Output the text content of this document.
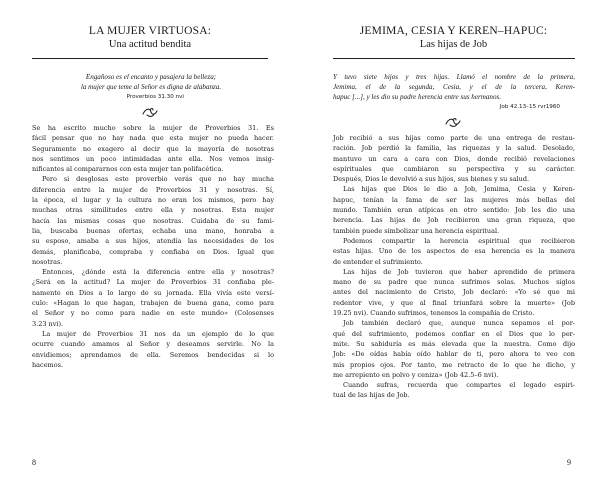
LA MUJER VIRTUOSA:
Una actitud bendita
Engañoso es el encanto y pasajera la belleza;
la mujer que teme al Señor es digna de alabanza.
Proverbios 31.30 nvi
Se ha escrito mucho sobre la mujer de Proverbios 31. Es
fácil pensar que no hay nada que esta mujer no pueda hacer.
Seguramente no exagero al decir que la mayoría de nosotras
nos sentimos un poco intimidadas ante ella. Nos vemos insig-
nificantes al compararnos con esta mujer tan polifacética.
Pero si desglosas este proverbio verás que no hay mucha
diferencia entre la mujer de Proverbios 31 y nosotras. Sí,
la época, el lugar y la cultura no eran los mismos, pero hay
muchas otras similitudes entre ella y nosotras. Esta mujer
hacía las mismas cosas que nosotras. Cuidaba de su fami-
lia, buscaba buenas ofertas, echaba una mano, honraba a
su esposo, amaba a sus hijos, atendía las necesidades de los
demás, planificaba, compraba y confiaba en Dios. Igual que
nosotras.
Entonces, ¿dónde está la diferencia entre ella y nosotras?
¿Será en la actitud? La mujer de Proverbios 31 confiaba ple-
namente en Dios a lo largo de su jornada. Ella vivía este versí-
culo: «Hagan lo que hagan, trabajen de buena gana, como para
el Señor y no como para nadie en este mundo» (Colosenses
3.23 nvi).
La mujer de Proverbios 31 nos da un ejemplo de lo que
ocurre cuando amamos al Señor y deseamos servirle. No la
envidiemos; aprendamos de ella. Seremos bendecidas si lo
hacemos.
8
JEMIMA, CESIA Y KEREN–HAPUC:
Las hijas de Job
Y tuvo siete hijos y tres hijas. Llamó el nombre de la primera,
Jemima, el de la segunda, Cesia, y el de la tercera, Keren-
hapuc [...], y les dio su padre herencia entre sus hermanos.
Job 42.13–15 rvr1960
Job recibió a sus hijas como parte de una entrega de restau-
ración. Job perdió la familia, las riquezas y la salud. Desolado,
mantuvo un cara a cara con Dios, donde recibió revelaciones
espirituales que cambiaron su perspectiva y su carácter.
Después, Dios le devolvió a sus hijos, sus bienes y su salud.
Las hijas que Dios le dio a Job, Jemima, Cesia y Keren-
hapuc, tenían la fama de ser las mujeres más bellas del
mundo. También eran atípicas en otro sentido: Job les dio una
herencia. Las hijas de Job recibieron una gran riqueza, que
también puede simbolizar una herencia espiritual.
Podemos compartir la herencia espiritual que recibieron
estas hijas. Uno de los aspectos de esa herencia es la manera
de entender el sufrimiento.
Las hijas de Job tuvieron que haber aprendido de primera
mano de su padre que nunca sufrimos solas. Muchos siglos
antes del nacimiento de Cristo, Job declaró: «Yo sé que mi
redentor vive, y que al final triunfará sobre la muerte» (Job
19.25 nvi). Cuando sufrimos, tenemos la compañía de Cristo.
Job también declaró que, aunque nunca sepamos el por-
qué del sufrimiento, podemos confiar en el Dios que lo per-
mite. Su sabiduría es más elevada que la nuestra. Como dijo
Job: «De oídas había oído hablar de ti, pero ahora te veo con
mis propios ojos. Por tanto, me retracto de lo que he dicho, y
me arrepiento en polvo y ceniza» (Job 42.5–6 nvi).
Cuando sufras, recuerda que compartes el legado espiri-
tual de las hijas de Job.
9
